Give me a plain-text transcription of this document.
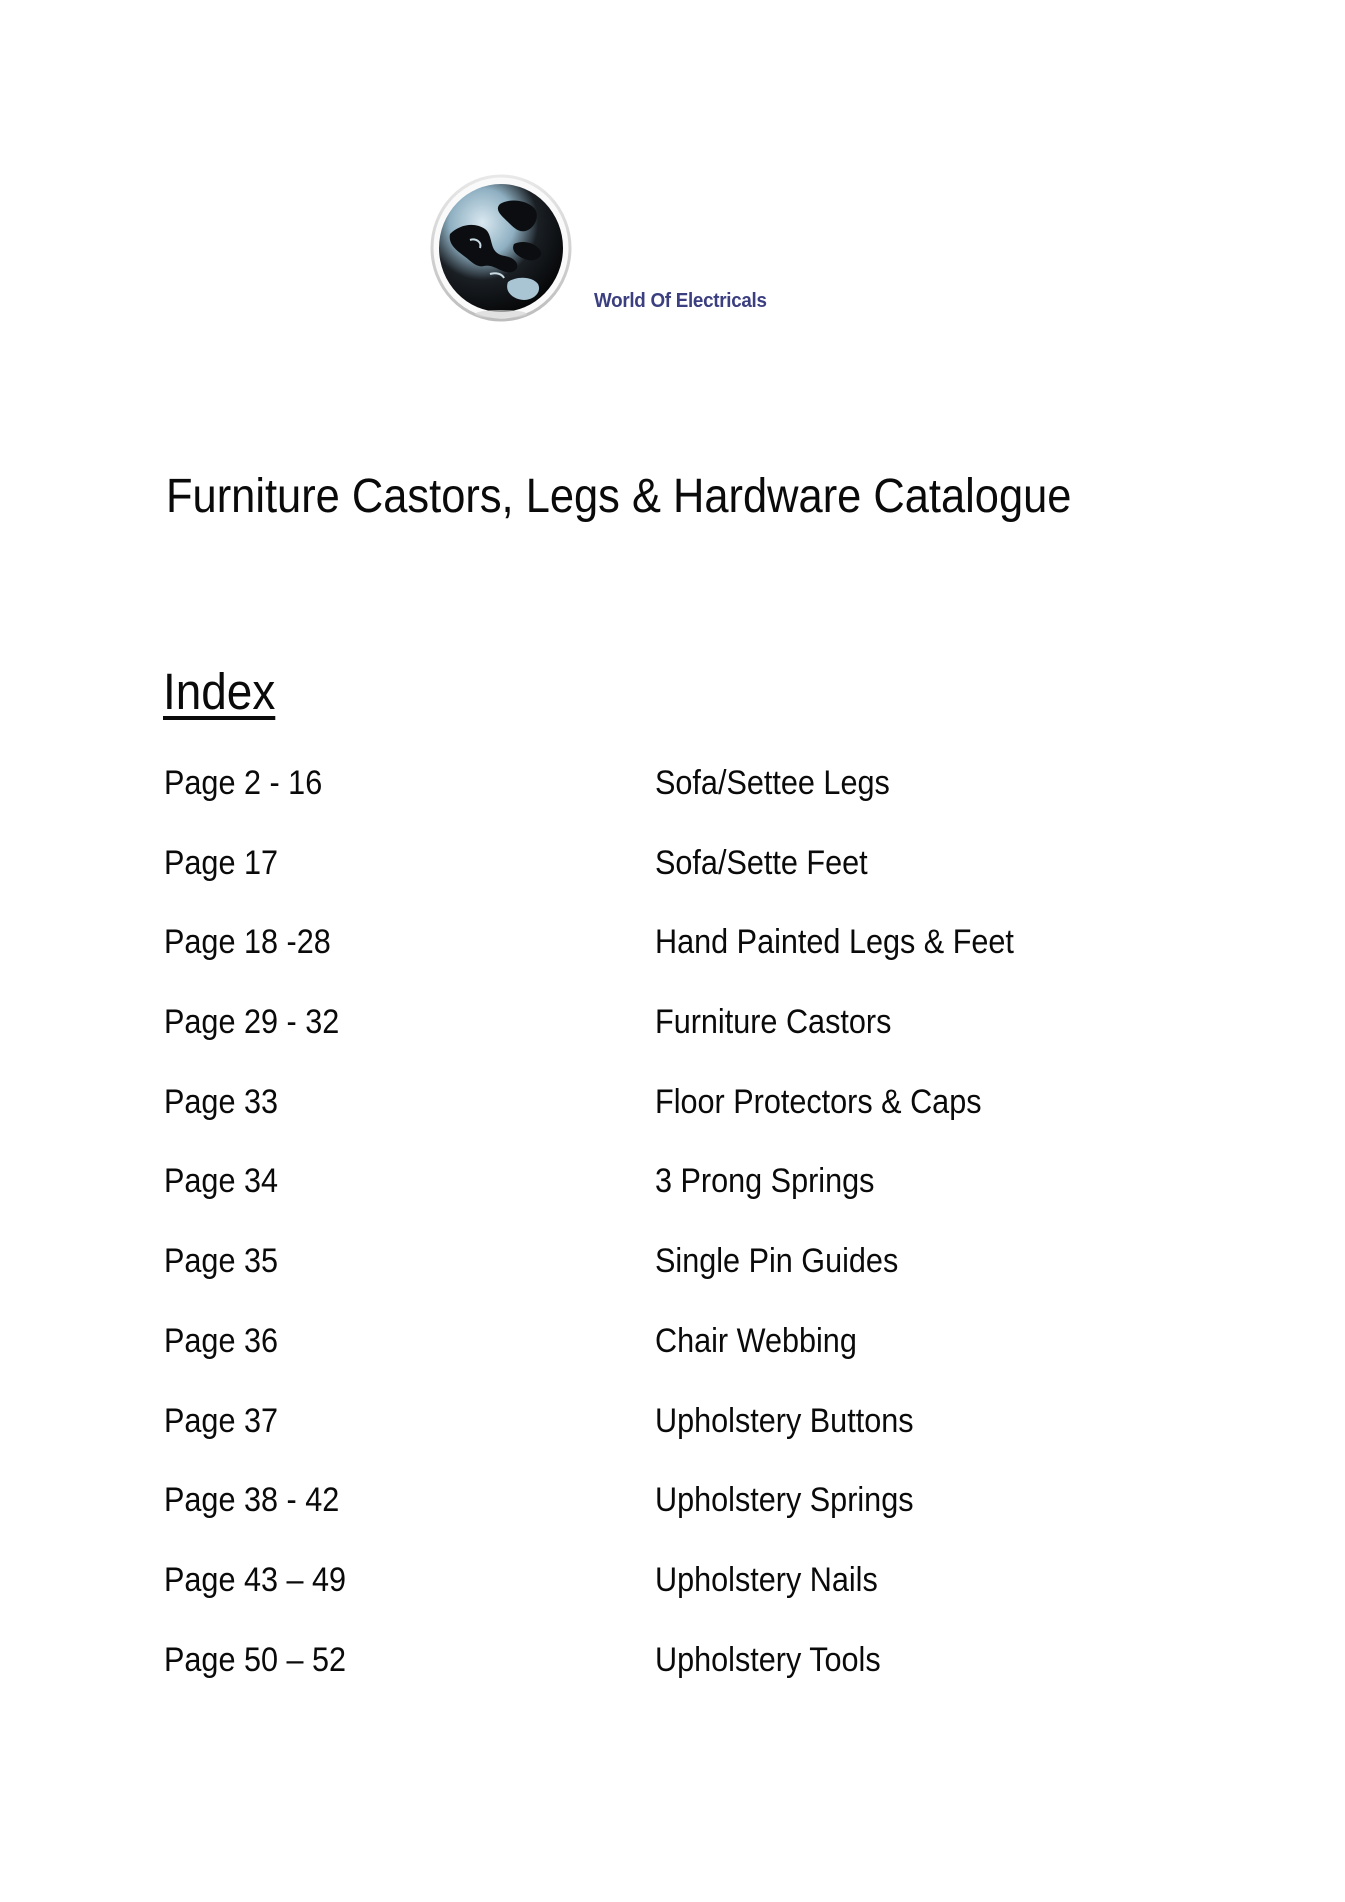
World Of Electricals
Furniture Castors, Legs & Hardware Catalogue
Index
Page 2 - 16	Sofa/Settee Legs
Page 17	Sofa/Sette Feet
Page 18 -28	Hand Painted Legs & Feet
Page 29 - 32	Furniture Castors
Page 33	Floor Protectors & Caps
Page 34	3 Prong Springs
Page 35	Single Pin Guides
Page 36	Chair Webbing
Page 37	Upholstery Buttons
Page 38 - 42	Upholstery Springs
Page 43 – 49	Upholstery Nails
Page 50 – 52	Upholstery Tools
